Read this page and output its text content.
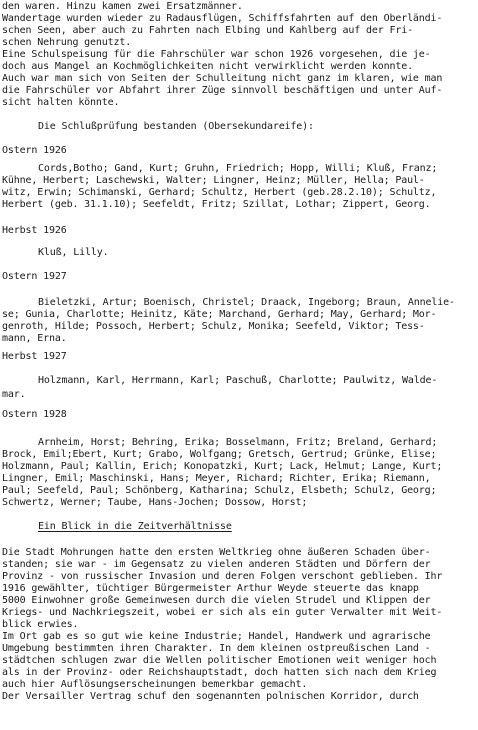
den waren. Hinzu kamen zwei Ersatzmänner.
Wandertage wurden wieder zu Radausflügen, Schiffsfahrten auf den Oberländi-
schen Seen, aber auch zu Fahrten nach Elbing und Kahlberg auf der Fri-
schen Nehrung genutzt.
Eine Schulspeisung für die Fahrschüler war schon 1926 vorgesehen, die je-
doch aus Mangel an Kochmöglichkeiten nicht verwirklicht werden konnte.
Auch war man sich von Seiten der Schulleitung nicht ganz im klaren, wie man
die Fahrschüler vor Abfahrt ihrer Züge sinnvoll beschäftigen und unter Auf-
sicht halten könnte.
Die Schlußprüfung bestanden (Obersekundareife):
Ostern 1926
Cords,Botho; Gand, Kurt; Gruhn, Friedrich; Hopp, Willi; Kluß, Franz;
Kühne, Herbert; Laschewski, Walter; Lingner, Heinz; Müller, Hella; Paul-
witz, Erwin; Schimanski, Gerhard; Schultz, Herbert (geb.28.2.10); Schultz,
Herbert (geb. 31.1.10); Seefeldt, Fritz; Szillat, Lothar; Zippert, Georg.
Herbst 1926
Kluß, Lilly.
Ostern 1927
Bieletzki, Artur; Boenisch, Christel; Draack, Ingeborg; Braun, Annelie-
se; Gunia, Charlotte; Heinitz, Käte; Marchand, Gerhard; May, Gerhard; Mor-
genroth, Hilde; Possoch, Herbert; Schulz, Monika; Seefeld, Viktor; Tess-
mann, Erna.
Herbst 1927
Holzmann, Karl, Herrmann, Karl; Paschuß, Charlotte; Paulwitz, Walde-
mar.
Ostern 1928
Arnheim, Horst; Behring, Erika; Bosselmann, Fritz; Breland, Gerhard;
Brock, Emil;Ebert, Kurt; Grabo, Wolfgang; Gretsch, Gertrud; Grünke, Elise;
Holzmann, Paul; Kallin, Erich; Konopatzki, Kurt; Lack, Helmut; Lange, Kurt;
Lingner, Emil; Maschinski, Hans; Meyer, Richard; Richter, Erika; Riemann,
Paul; Seefeld, Paul; Schönberg, Katharina; Schulz, Elsbeth; Schulz, Georg;
Schwertz, Werner; Taube, Hans-Jochen; Dossow, Horst;
Ein Blick in die Zeitverhältnisse
Die Stadt Mohrungen hatte den ersten Weltkrieg ohne äußeren Schaden über-
standen; sie war - im Gegensatz zu vielen anderen Städten und Dörfern der
Provinz - von russischer Invasion und deren Folgen verschont geblieben. Ihr
1916 gewählter, tüchtiger Bürgermeister Arthur Weyde steuerte das knapp
5000 Einwohner große Gemeinwesen durch die vielen Strudel und Klippen der
Kriegs- und Nachkriegszeit, wobei er sich als ein guter Verwalter mit Weit-
blick erwies.
Im Ort gab es so gut wie keine Industrie; Handel, Handwerk und agrarische
Umgebung bestimmten ihren Charakter. In dem kleinen ostpreußischen Land -
städtchen schlugen zwar die Wellen politischer Emotionen weit weniger hoch
als in der Provinz- oder Reichshauptstadt, doch hatten sich nach dem Krieg
auch hier Auflösungserscheinungen bemerkbar gemacht.
Der Versailler Vertrag schuf den sogenannten polnischen Korridor, durch
